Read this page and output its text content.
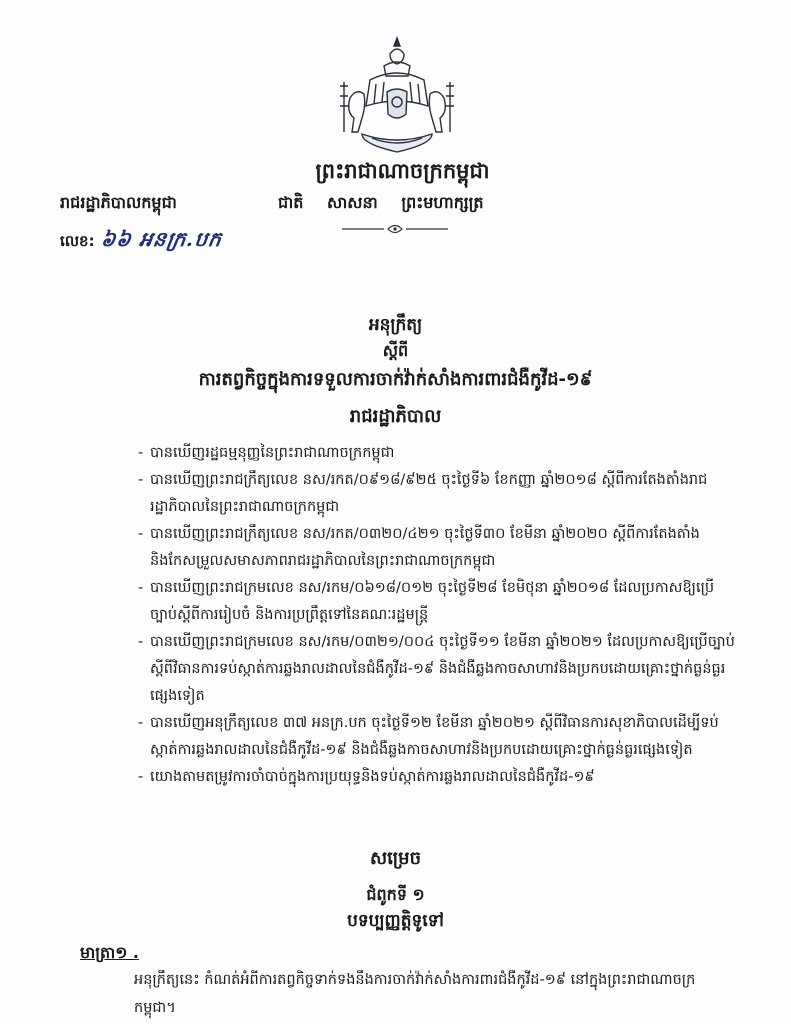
ព្រះរាជាណាចក្រកម្ពុជា
រាជរដ្ឋាភិបាលកម្ពុជា	ជាតិ សាសនា ព្រះមហាក្សត្រ
លេខ: ៦៦ អនក្រ.បក
អនុក្រឹត្យ
ស្តីពី
ការតព្វកិច្ចក្នុងការទទួលការចាក់វ៉ាក់សាំងការពារជំងឺកូវីដ-១៩
រាជរដ្ឋាភិបាល
- បានឃើញរដ្ឋធម្មនុញ្ញនៃព្រះរាជាណាចក្រកម្ពុជា
- បានឃើញព្រះរាជក្រឹត្យលេខ នស/រកត/០៩១៨/៩២៥ ចុះថ្ងៃទី៦ ខែកញ្ញា ឆ្នាំ២០១៨ ស្តីពីការតែងតាំងរាជរដ្ឋាភិបាលនៃព្រះរាជាណាចក្រកម្ពុជា
- បានឃើញព្រះរាជក្រឹត្យលេខ នស/រកត/០៣២០/៤២១ ចុះថ្ងៃទី៣០ ខែមីនា ឆ្នាំ២០២០ ស្តីពីការតែងតាំង និងកែសម្រួលសមាសភាពរាជរដ្ឋាភិបាលនៃព្រះរាជាណាចក្រកម្ពុជា
- បានឃើញព្រះរាជក្រមលេខ នស/រកម/០៦១៨/០១២ ចុះថ្ងៃទី២៨ ខែមិថុនា ឆ្នាំ២០១៨ ដែលប្រកាសឱ្យប្រើច្បាប់ស្តីពីការរៀបចំ និងការប្រព្រឹត្តទៅនៃគណៈរដ្ឋមន្ត្រី
- បានឃើញព្រះរាជក្រមលេខ នស/រកម/០៣២១/០០៤ ចុះថ្ងៃទី១១ ខែមីនា ឆ្នាំ២០២១ ដែលប្រកាសឱ្យប្រើច្បាប់ស្តីពីវិធានការទប់ស្កាត់ការឆ្លងរាលដាលនៃជំងឺកូវីដ-១៩ និងជំងឺឆ្លងកាចសាហាវនិងប្រកបដោយគ្រោះថ្នាក់ធ្ងន់ធ្ងរផ្សេងទៀត
- បានឃើញអនុក្រឹត្យលេខ ៣៧ អនក្រ.បក ចុះថ្ងៃទី១២ ខែមីនា ឆ្នាំ២០២១ ស្តីពីវិធានការសុខាភិបាលដើម្បីទប់ស្កាត់ការឆ្លងរាលដាលនៃជំងឺកូវីដ-១៩ និងជំងឺឆ្លងកាចសាហាវនិងប្រកបដោយគ្រោះថ្នាក់ធ្ងន់ធ្ងរផ្សេងទៀត
- យោងតាមតម្រូវការចាំបាច់ក្នុងការប្រយុទ្ធនិងទប់ស្កាត់ការឆ្លងរាលដាលនៃជំងឺកូវីដ-១៩
សម្រេច
ជំពូកទី ១
បទប្បញ្ញត្តិទូទៅ
មាត្រា១ .
អនុក្រឹត្យនេះ កំណត់អំពីការតព្វកិច្ចទាក់ទងនឹងការចាក់វ៉ាក់សាំងការពារជំងឺកូវីដ-១៩ នៅក្នុងព្រះរាជាណាចក្រកម្ពុជា។
